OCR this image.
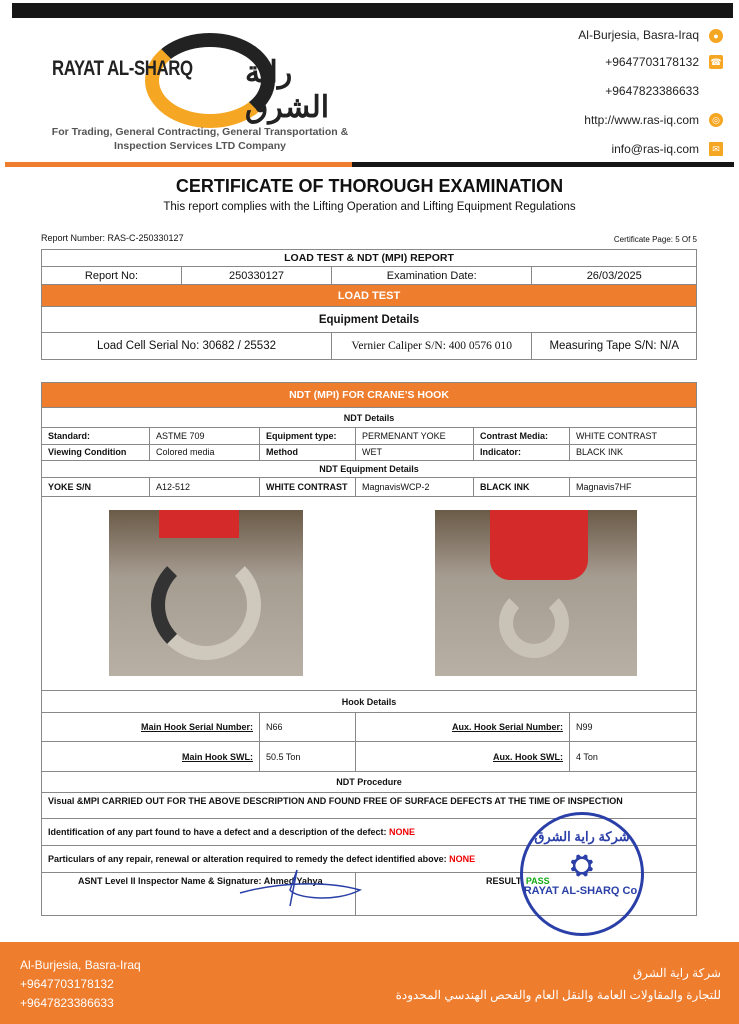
RAYAT AL-SHARQ راية الشرق
For Trading, General Contracting, General Transportation & Inspection Services LTD Company
Al-Burjesia, Basra-Iraq	●
+9647703178132 ☎
+9647823386633
http://www.ras-iq.com	◎
info@ras-iq.com	✉
CERTIFICATE OF THOROUGH EXAMINATION
This report complies with the Lifting Operation and Lifting Equipment Regulations
Report Number: RAS-C-250330127	Certificate Page: 5 Of 5
LOAD TEST & NDT (MPI) REPORT			
Report No:	250330127	Examination Date:	26/03/2025
LOAD TEST			
Equipment Details			
Load Cell Serial No: 30682 / 25532		Vernier Caliper S/N: 400 0576 010	Measuring Tape S/N: N/A
NDT (MPI) FOR CRANE’S HOOK					
NDT Details					
Standard:	ASTME 709	Equipment type:	PERMENANT YOKE	Contrast Media:	WHITE CONTRAST
Viewing Condition	Colored media	Method	WET	Indicator:	BLACK INK
NDT Equipment Details					
YOKE S/N	A12-512	WHITE CONTRAST	MagnavisWCP-2	BLACK INK	Magnavis7HF

Hook Details					
Main Hook Serial Number:		N66	Aux. Hook Serial Number:		N99
Main Hook SWL:		50.5 Ton	Aux. Hook SWL:		4 Ton
NDT Procedure					
Visual &MPI CARRIED OUT FOR THE ABOVE DESCRIPTION AND FOUND FREE OF SURFACE DEFECTS AT THE TIME OF INSPECTION					
Identification of any part found to have a defect and a description of the defect: NONE					
Particulars of any repair, renewal or alteration required to remedy the defect identified above: NONE					
ASNT Level II Inspector Name & Signature: Ahmed Yahya			RESULT: PASS		
شركة راية الشرق
⛭
RAYAT AL-SHARQ Co.
Al-Burjesia, Basra-Iraq
+9647703178132
+9647823386633
شركة راية الشرق
للتجارة والمقاولات العامة والنقل العام والفحص الهندسي المحدودة
